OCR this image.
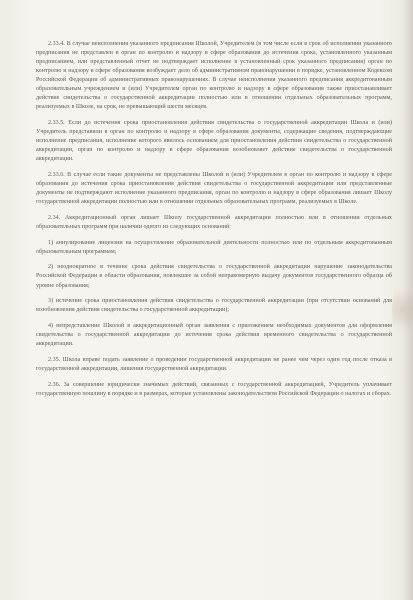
2.33.4. В случае неисполнения указанного предписания Школой, Учредителем (в том числе если в срок об исполнении указанного предписания не представлен в орган по контролю и надзору в сфере образования до истечения срока, установленного указанным предписанием, или представленный отчет не подтверждает исполнение в установленный срок указанного предписания) орган по контролю и надзору в сфере образования возбуждает дело об административном правонарушении в порядке, установленном Кодексом Российской Федерации об административных правонарушениях. В случае неисполнения указанного предписания аккредитованным образовательным учреждением и (или) Учредителем орган по контролю и надзору в сфере образования также приостанавливает действие свидетельства о государственной аккредитации полностью или в отношении отдельных образовательных программ, реализуемых в Школе, на срок, не превышающий шести месяцев.

2.33.5. Если до истечения срока приостановления действия свидетельства о государственной аккредитации Школа и (или) Учредитель представили в орган по контролю и надзору в сфере образования документы, содержащие сведения, подтверждающие исполнение предписания, исполнение которого явилось основанием для приостановления действия свидетельства о государственной аккредитации, орган по контролю и надзору в сфере образования возобновляет действие свидетельства о государственной аккредитации.

2.33.6. В случае если такие документы не представлены Школой и (или) Учредителем в орган по контролю и надзору в сфере образования до истечения срока приостановления действия свидетельства о государственной аккредитации или представленные документы не подтверждают исполнение указанного предписания, орган по контролю и надзору в сфере образования лишает Школу государственной аккредитации полностью или в отношении отдельных образовательных программ, реализуемых в Школе.

2.34. Аккредитационный орган лишает Школу государственной аккредитации полностью или в отношении отдельных образовательных программ при наличии одного из следующих оснований:

1) аннулирование лицензии на осуществление образовательной деятельности полностью или по отдельным аккредитованным образовательным программам;

2) неоднократное в течение срока действия свидетельства о государственной аккредитации нарушение законодательства Российской Федерации в области образования, повлекшее за собой неправомерную выдачу документов государственного образца об уровне образования;

3) истечение срока приостановления действия свидетельства о государственной аккредитации (при отсутствии оснований для возобновления действия свидетельства о государственной аккредитации);

4) непредставление Школой в аккредитационный орган заявления с приложением необходимых документов для оформления свидетельства о государственной аккредитации до истечения срока действия временного свидетельства о государственной аккредитации.

2.35. Школа вправе подать заявление о проведении государственной аккредитации не ранее чем через один год после отказа в государственной аккредитации, лишения государственной аккредитации.

2.36. За совершение юридически значимых действий, связанных с государственной аккредитацией, Учредитель уплачивает государственную пошлину в порядке и в размерах, которые установлены законодательством Российской Федерации о налогах и сборах.
